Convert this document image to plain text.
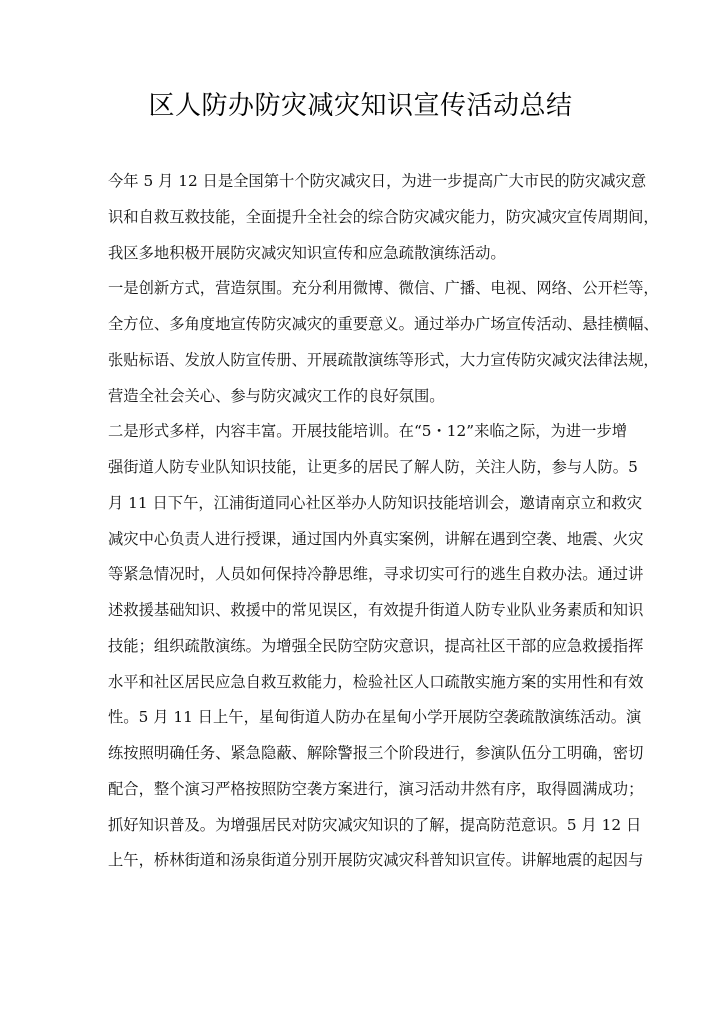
区人防办防灾减灾知识宣传活动总结
今年 5 月 12 日是全国第十个防灾减灾日，为进一步提高广大市民的防灾减灾意
识和自救互救技能，全面提升全社会的综合防灾减灾能力，防灾减灾宣传周期间，
我区多地积极开展防灾减灾知识宣传和应急疏散演练活动。
一是创新方式，营造氛围。充分利用微博、微信、广播、电视、网络、公开栏等，
全方位、多角度地宣传防灾减灾的重要意义。通过举办广场宣传活动、悬挂横幅、
张贴标语、发放人防宣传册、开展疏散演练等形式，大力宣传防灾减灾法律法规，
营造全社会关心、参与防灾减灾工作的良好氛围。
二是形式多样，内容丰富。开展技能培训。在“5・12”来临之际，为进一步增
强街道人防专业队知识技能，让更多的居民了解人防，关注人防，参与人防。5
月 11 日下午，江浦街道同心社区举办人防知识技能培训会，邀请南京立和救灾
减灾中心负责人进行授课，通过国内外真实案例，讲解在遇到空袭、地震、火灾
等紧急情况时，人员如何保持冷静思维，寻求切实可行的逃生自救办法。通过讲
述救援基础知识、救援中的常见误区，有效提升街道人防专业队业务素质和知识
技能；组织疏散演练。为增强全民防空防灾意识，提高社区干部的应急救援指挥
水平和社区居民应急自救互救能力，检验社区人口疏散实施方案的实用性和有效
性。5 月 11 日上午，星甸街道人防办在星甸小学开展防空袭疏散演练活动。演
练按照明确任务、紧急隐蔽、解除警报三个阶段进行，参演队伍分工明确，密切
配合，整个演习严格按照防空袭方案进行，演习活动井然有序，取得圆满成功；
抓好知识普及。为增强居民对防灾减灾知识的了解，提高防范意识。5 月 12 日
上午，桥林街道和汤泉街道分别开展防灾减灾科普知识宣传。讲解地震的起因与
